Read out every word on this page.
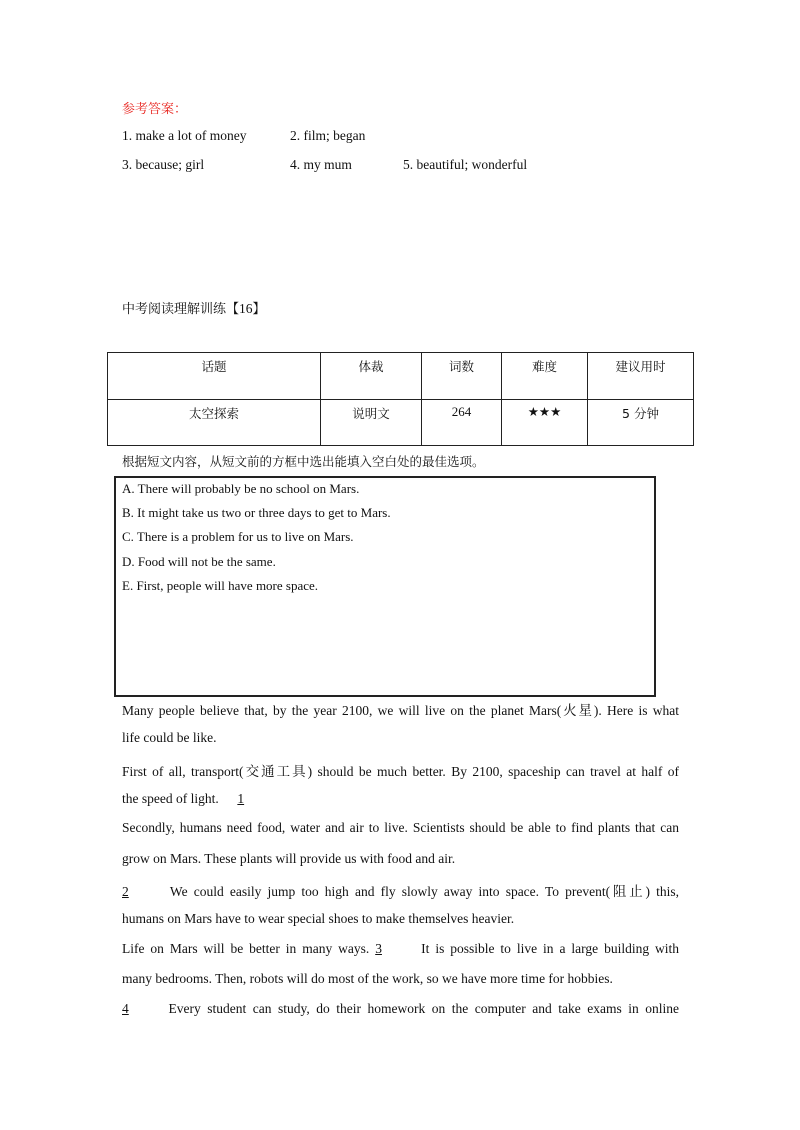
参考答案：
1. make a lot of money	2. film; began
3. because; girl	4. my mum	5. beautiful; wonderful
中考阅读理解训练【16】
话题	体裁	词数	难度	建议用时
太空探索	说明文	264	★★★	5 分钟
根据短文内容，从短文前的方框中选出能填入空白处的最佳选项。
A. There will probably be no school on Mars.
B. It might take us two or three days to get to Mars.
C. There is a problem for us to live on Mars.
D. Food will not be the same.
E. First, people will have more space.
Many people believe that, by the year 2100, we will live on the planet Mars(火星). Here is what
life could be like.
First of all, transport(交通工具) should be much better. By 2100, spaceship can travel at half of
the speed of light. 1
Secondly, humans need food, water and air to live. Scientists should be able to find plants that can
grow on Mars. These plants will provide us with food and air.
2	We could easily jump too high and fly slowly away into space. To prevent(阻止) this,
humans on Mars have to wear special shoes to make themselves heavier.
Life on Mars will be better in many ways. 3	It is possible to live in a large building with
many bedrooms. Then, robots will do most of the work, so we have more time for hobbies.
4	Every student can study, do their homework on the computer and take exams in online
